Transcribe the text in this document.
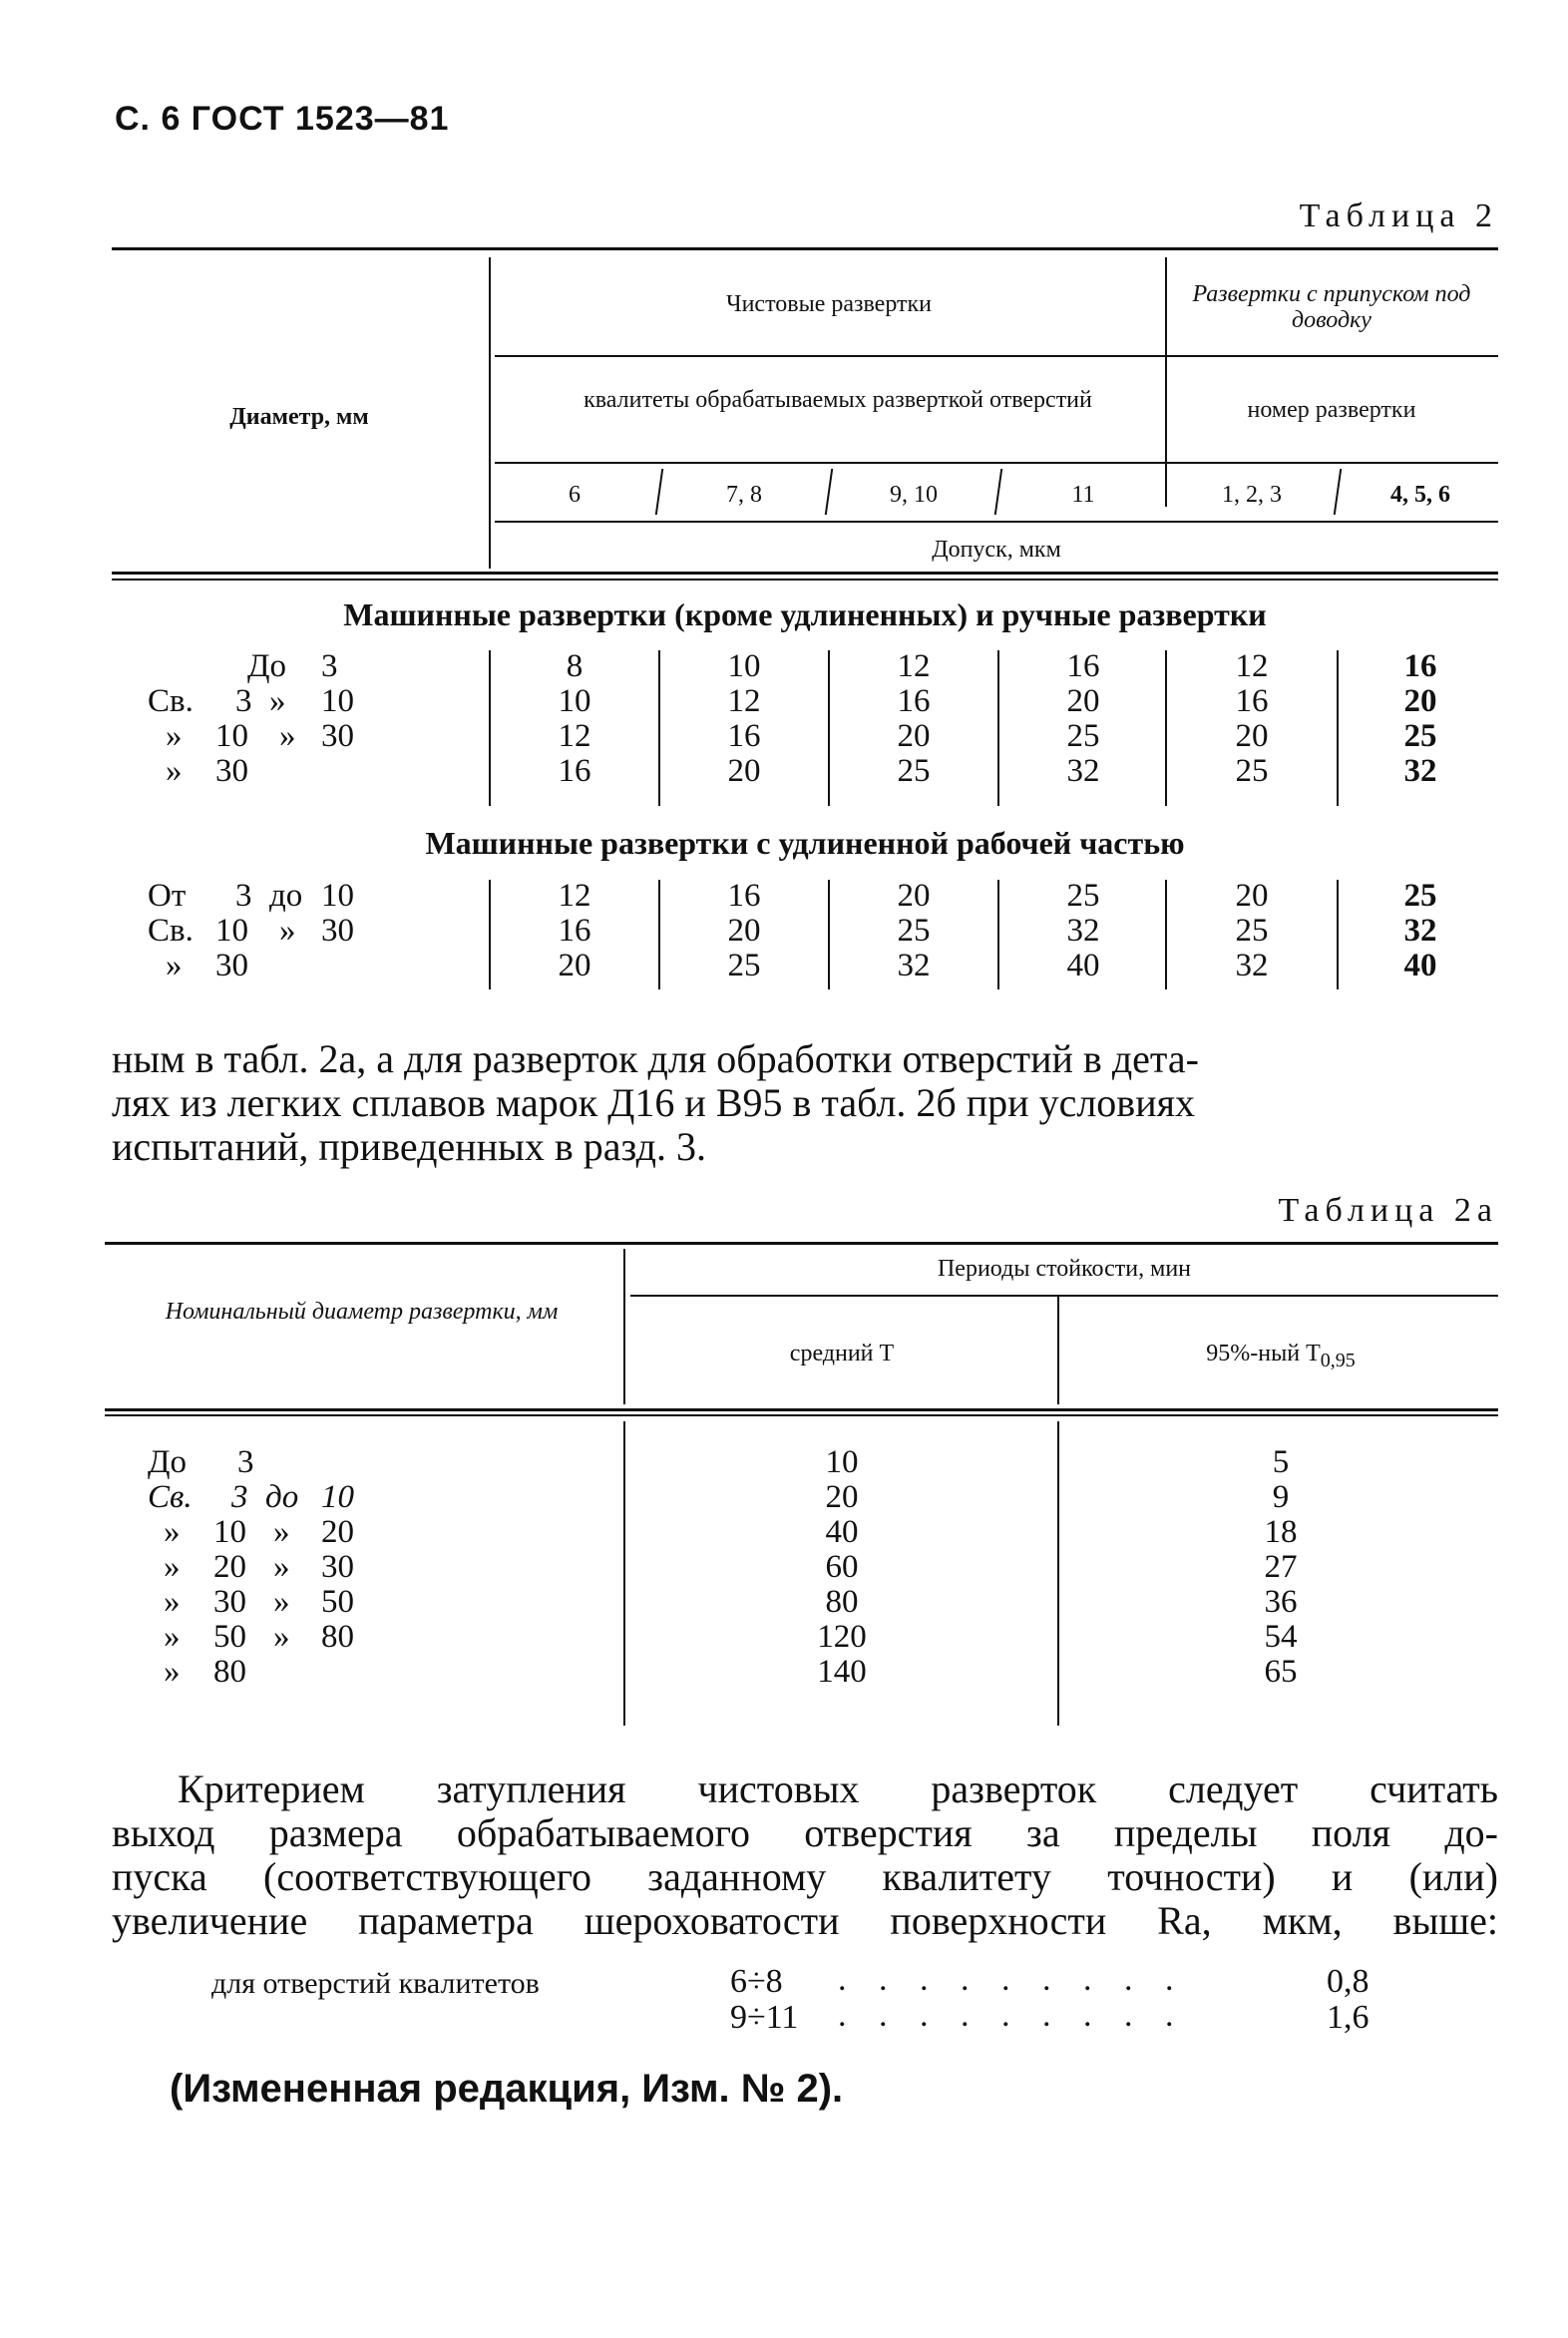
С. 6 ГОСТ 1523—81
Таблица 2
Диаметр, мм
Чистовые развертки	Развертки с припуском под доводку
квалитеты обрабатываемых разверткой отверстий	номер развертки
6	7, 8	9, 10	11	1, 2, 3	4, 5, 6
Допуск, мкм
Машинные развертки (кроме удлиненных) и ручные развертки
До 3	8	10	12	16	12	16
Св. 3 » 10	10	12	16	20	16	20
» 10 » 30	12	16	20	25	20	25
» 30	16	20	25	32	25	32
Машинные развертки с удлиненной рабочей частью
От 3 до 10	12	16	20	25	20	25
Св. 10 » 30	16	20	25	32	25	32
» 30	20	25	32	40	32	40
ным в табл. 2а, а для разверток для обработки отверстий в дета-
лях из легких сплавов марок Д16 и В95 в табл. 2б при условиях
испытаний, приведенных в разд. 3.
Таблица 2а
Номинальный диаметр развертки, мм
Периоды стойкости, мин
средний T	95%-ный $T_{0,95}$
До 3	10	5
Св. 3 до 10	20	9
» 10 » 20	40	18
» 20 » 30	60	27
» 30 » 50	80	36
» 50 » 80	120	54
» 80	140	65
Критерием затупления чистовых разверток следует считать
выход размера обрабатываемого отверстия за пределы поля до-
пуска (соответствующего заданному квалитету точности) и (или)
увеличение параметра шероховатости поверхности Ra, мкм, выше:
для отверстий квалитетов	6÷8 . . . . . . . . .	0,8
9÷11 . . . . . . . . .	1,6
(Измененная редакция, Изм. № 2).
